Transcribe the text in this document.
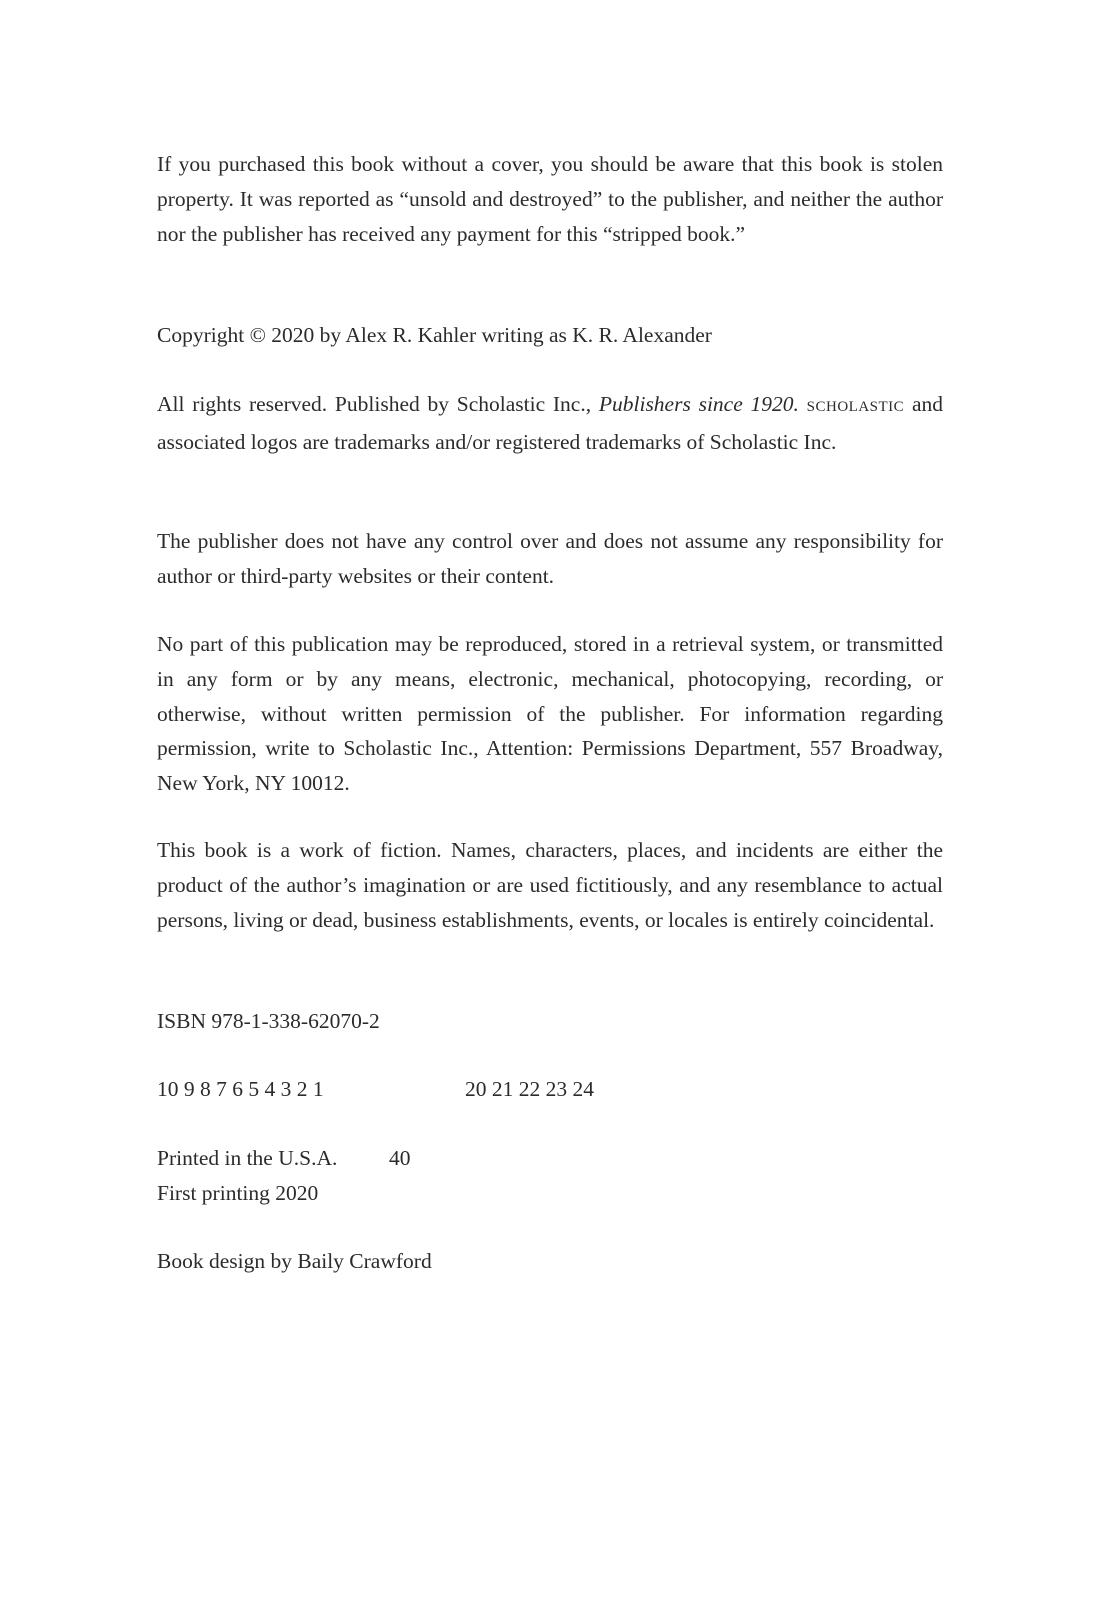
If you purchased this book without a cover, you should be aware that this book is stolen property. It was reported as “unsold and destroyed” to the publisher, and neither the author nor the publisher has received any payment for this “stripped book.”

Copyright © 2020 by Alex R. Kahler writing as K. R. Alexander

All rights reserved. Published by Scholastic Inc., Publishers since 1920. SCHOLASTIC and associated logos are trademarks and/or registered trademarks of Scholastic Inc.

The publisher does not have any control over and does not assume any responsibility for author or third-party websites or their content.

No part of this publication may be reproduced, stored in a retrieval system, or transmitted in any form or by any means, electronic, mechanical, photocopying, recording, or otherwise, without written permission of the publisher. For information regarding permission, write to Scholastic Inc., Attention: Permissions Department, 557 Broadway, New York, NY 10012.

This book is a work of fiction. Names, characters, places, and incidents are either the product of the author’s imagination or are used fictitiously, and any resemblance to actual persons, living or dead, business establishments, events, or locales is entirely coincidental.

ISBN 978-1-338-62070-2

10 9 8 7 6 5 4 3 2 1	20 21 22 23 24
Printed in the U.S.A. 40

First printing 2020

Book design by Baily Crawford
